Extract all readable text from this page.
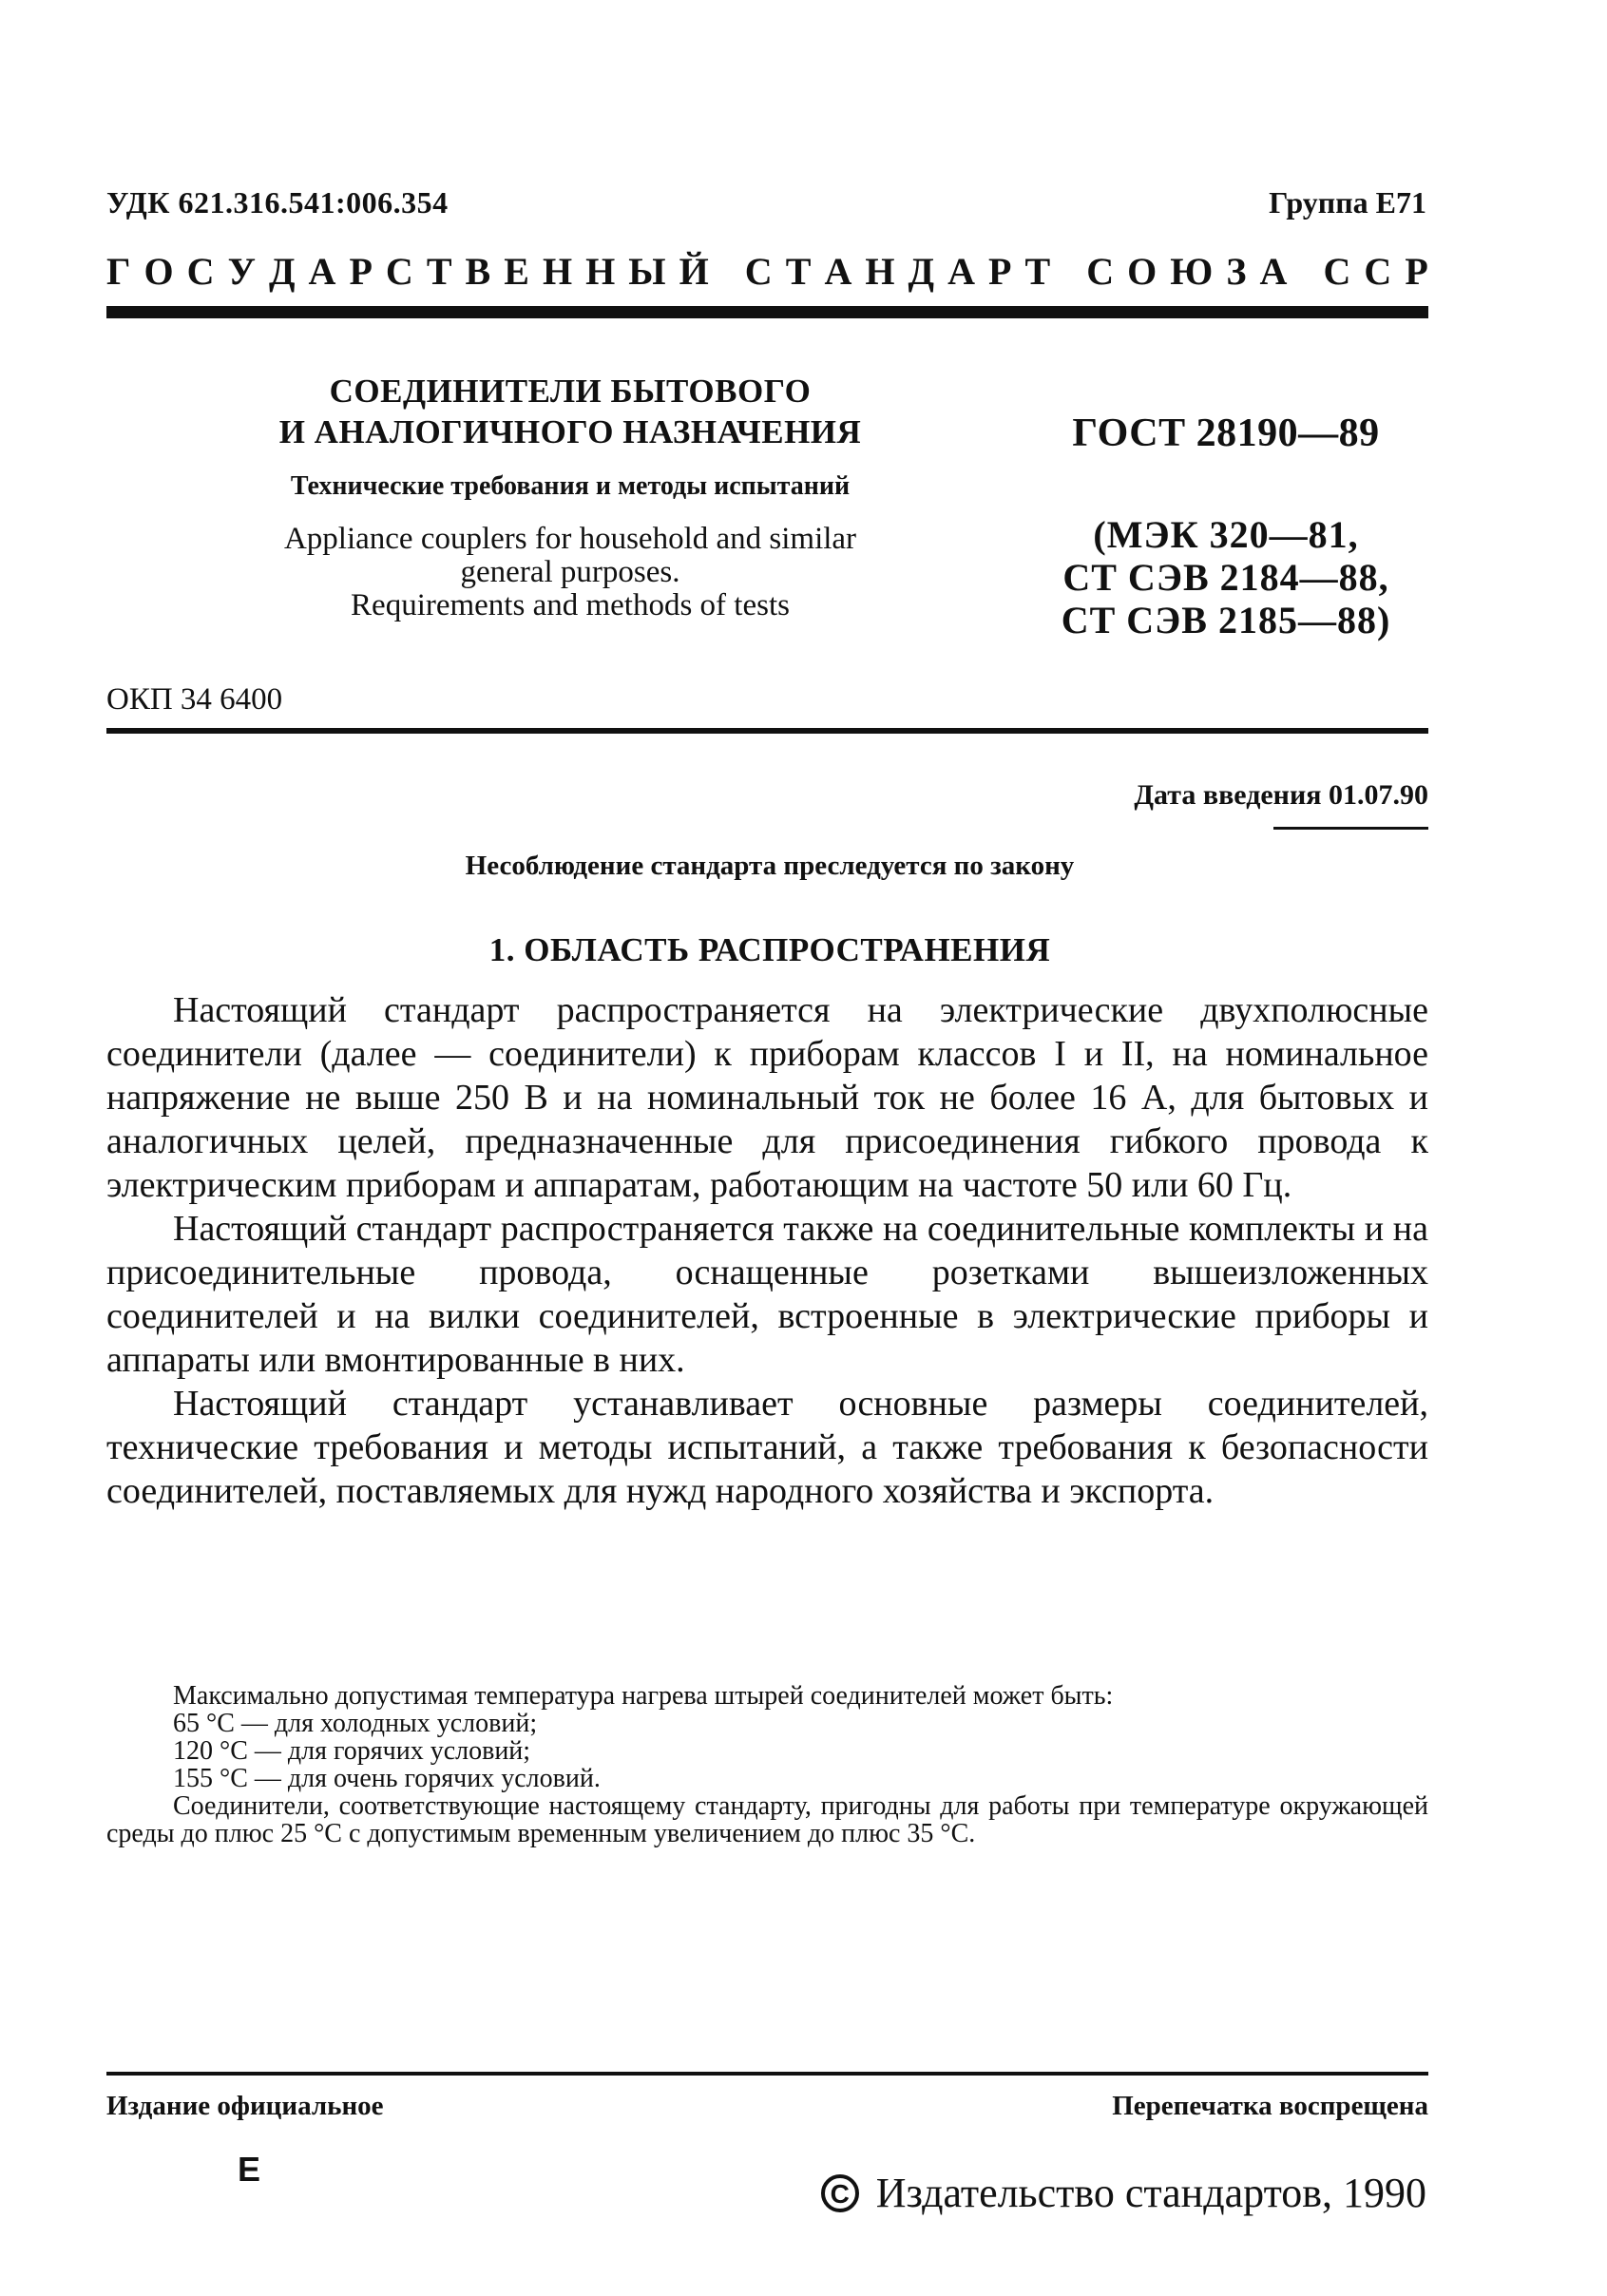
УДК 621.316.541:006.354	Группа Е71
Г О С У Д А Р С Т В Е Н Н Ы Й
С Т А Н Д А Р Т
С О Ю З А
С С Р
СОЕДИНИТЕЛИ БЫТОВОГО
И АНАЛОГИЧНОГО НАЗНАЧЕНИЯ
Технические требования и методы испытаний
Appliance couplers for household and similar
general purposes.
Requirements and methods of tests
ГОСТ 28190—89
(МЭК 320—81,
СТ СЭВ 2184—88,
СТ СЭВ 2185—88)
ОКП 34 6400
Дата введения 01.07.90
Несоблюдение стандарта преследуется по закону
1. ОБЛАСТЬ РАСПРОСТРАНЕНИЯ

Настоящий стандарт распространяется на электрические двухполюсные соединители (далее — соединители) к приборам классов I и II, на номинальное напряжение не выше 250 В и на номинальный ток не более 16 А, для бытовых и аналогичных целей, предназначенные для присоединения гибкого провода к электрическим приборам и аппаратам, работающим на частоте 50 или 60 Гц.

Настоящий стандарт распространяется также на соединительные комплекты и на присоединительные провода, оснащенные розетками вышеизложенных соединителей и на вилки соединителей, встроенные в электрические приборы и аппараты или вмонтированные в них.

Настоящий стандарт устанавливает основные размеры соединителей, технические требования и методы испытаний, а также требования к безопасности соединителей, поставляемых для нужд народного хозяйства и экспорта.

Максимально допустимая температура нагрева штырей соединителей может быть:

65 °С — для холодных условий;
120 °С — для горячих условий;
155 °С — для очень горячих условий.

Соединители, соответствующие настоящему стандарту, пригодны для работы при температуре окружающей среды до плюс 25 °С с допустимым временным увеличением до плюс 35 °С.

Издание официальное	Перепечатка воспрещена
Е
C Издательство стандартов, 1990
